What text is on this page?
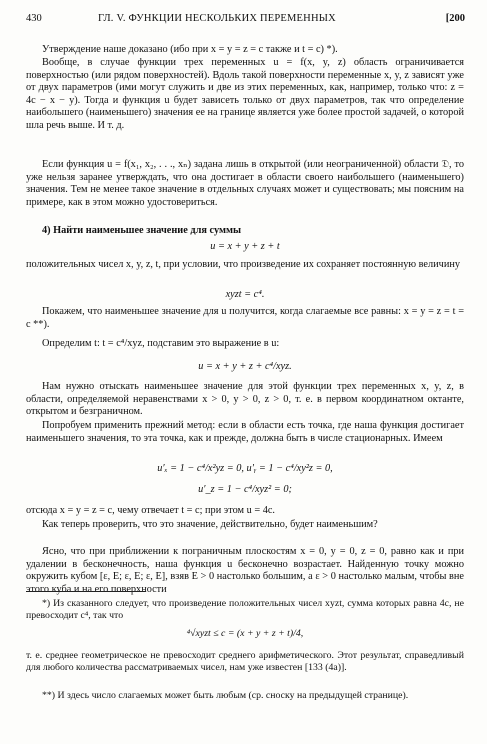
430	ГЛ. V. ФУНКЦИИ НЕСКОЛЬКИХ ПЕРЕМЕННЫХ	[200
Утверждение наше доказано (ибо при x = y = z = c также и t = c) *).
Вообще, в случае функции трех переменных u = f(x, y, z) область ограничивается поверхностью (или рядом поверхностей). Вдоль такой поверхности переменные x, y, z зависят уже от двух параметров (ими могут служить и две из этих переменных, как, например, только что: z = 4c − x − y). Тогда и функция u будет зависеть только от двух параметров, так что определение наибольшего (наименьшего) значения ее на границе является уже более простой задачей, о которой шла речь выше. И т. д.
Если функция u = f(x₁, x₂, . . ., xₙ) задана лишь в открытой (или неограниченной) области 𝔇, то уже нельзя заранее утверждать, что она достигает в области своего наибольшего (наименьшего) значения. Тем не менее такое значение в отдельных случаях может и существовать; мы поясним на примере, как в этом можно удостовериться.
4) Найти наименьшее значение для суммы
u = x + y + z + t
положительных чисел x, y, z, t, при условии, что произведение их сохраняет постоянную величину
xyzt = c⁴.
Покажем, что наименьшее значение для u получится, когда слагаемые все равны: x = y = z = t = c **).
Определим t: t = c⁴/xyz, подставим это выражение в u:
u = x + y + z + c⁴/xyz.
Нам нужно отыскать наименьшее значение для этой функции трех переменных x, y, z, в области, определяемой неравенствами x > 0, y > 0, z > 0, т. е. в первом координатном октанте, открытом и безграничном.
Попробуем применить прежний метод: если в области есть точка, где наша функция достигает наименьшего значения, то эта точка, как и прежде, должна быть в числе стационарных. Имеем
u′ₓ = 1 − c⁴/x²yz = 0, u′ᵧ = 1 − c⁴/xy²z = 0,
u′_z = 1 − c⁴/xyz² = 0;
отсюда x = y = z = c, чему отвечает t = c; при этом u = 4c.
Как теперь проверить, что это значение, действительно, будет наименьшим?
Ясно, что при приближении к пограничным плоскостям x = 0, y = 0, z = 0, равно как и при удалении в бесконечность, наша функция u бесконечно возрастает. Найденную точку можно окружить кубом [ε, E; ε, E; ε, E], взяв E > 0 настолько большим, а ε > 0 настолько малым, чтобы вне этого куба и на его поверхности
*) Из сказанного следует, что произведение положительных чисел xyzt, сумма которых равна 4c, не превосходит c⁴, так что
⁴√xyzt ≤ c = (x + y + z + t)/4,
т. е. среднее геометрическое не превосходит среднего арифметического. Этот результат, справедливый для любого количества рассматриваемых чисел, нам уже известен [133 (4а)].
**) И здесь число слагаемых может быть любым (ср. сноску на предыдущей странице).
